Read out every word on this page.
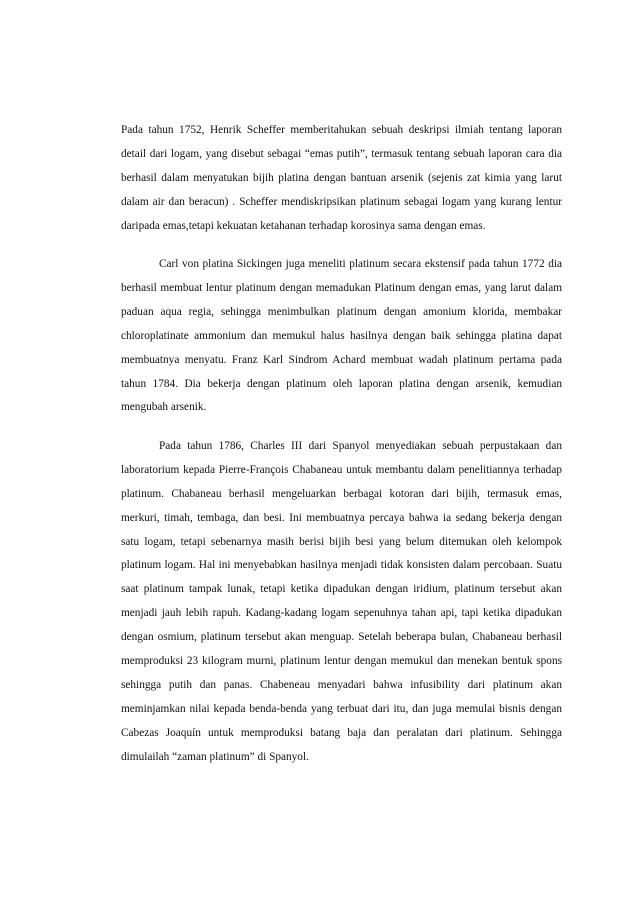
Pada tahun 1752, Henrik Scheffer memberitahukan sebuah deskripsi ilmiah tentang laporan detail dari logam, yang disebut sebagai “emas putih”, termasuk tentang sebuah laporan cara dia berhasil dalam menyatukan bijih platina dengan bantuan arsenik (sejenis zat kimia yang larut dalam air dan beracun) . Scheffer mendiskripsikan platinum sebagai logam yang kurang lentur daripada emas,tetapi kekuatan ketahanan terhadap korosinya sama dengan emas.

Carl von platina Sickingen juga meneliti platinum secara ekstensif pada tahun 1772 dia berhasil membuat lentur platinum dengan memadukan Platinum dengan emas, yang larut dalam paduan aqua regia, sehingga menimbulkan platinum dengan amonium klorida, membakar chloroplatinate ammonium dan memukul halus hasilnya dengan baik sehingga platina dapat membuatnya menyatu. Franz Karl Sindrom Achard membuat wadah platinum pertama pada tahun 1784. Dia bekerja dengan platinum oleh laporan platina dengan arsenik, kemudian mengubah arsenik.

Pada tahun 1786, Charles III dari Spanyol menyediakan sebuah perpustakaan dan laboratorium kepada Pierre-François Chabaneau untuk membantu dalam penelitiannya terhadap platinum. Chabaneau berhasil mengeluarkan berbagai kotoran dari bijih, termasuk emas, merkuri, timah, tembaga, dan besi. Ini membuatnya percaya bahwa ia sedang bekerja dengan satu logam, tetapi sebenarnya masih berisi bijih besi yang belum ditemukan oleh kelompok platinum logam. Hal ini menyebabkan hasilnya menjadi tidak konsisten dalam percobaan. Suatu saat platinum tampak lunak, tetapi ketika dipadukan dengan iridium, platinum tersebut akan menjadi jauh lebih rapuh. Kadang-kadang logam sepenuhnya tahan api, tapi ketika dipadukan dengan osmium, platinum tersebut akan menguap. Setelah beberapa bulan, Chabaneau berhasil memproduksi 23 kilogram murni, platinum lentur dengan memukul dan menekan bentuk spons sehingga putih dan panas. Chabeneau menyadari bahwa infusibility dari platinum akan meminjamkan nilai kepada benda-benda yang terbuat dari itu, dan juga memulai bisnis dengan Cabezas Joaquín untuk memproduksi batang baja dan peralatan dari platinum. Sehingga dimulailah “zaman platinum” di Spanyol.
